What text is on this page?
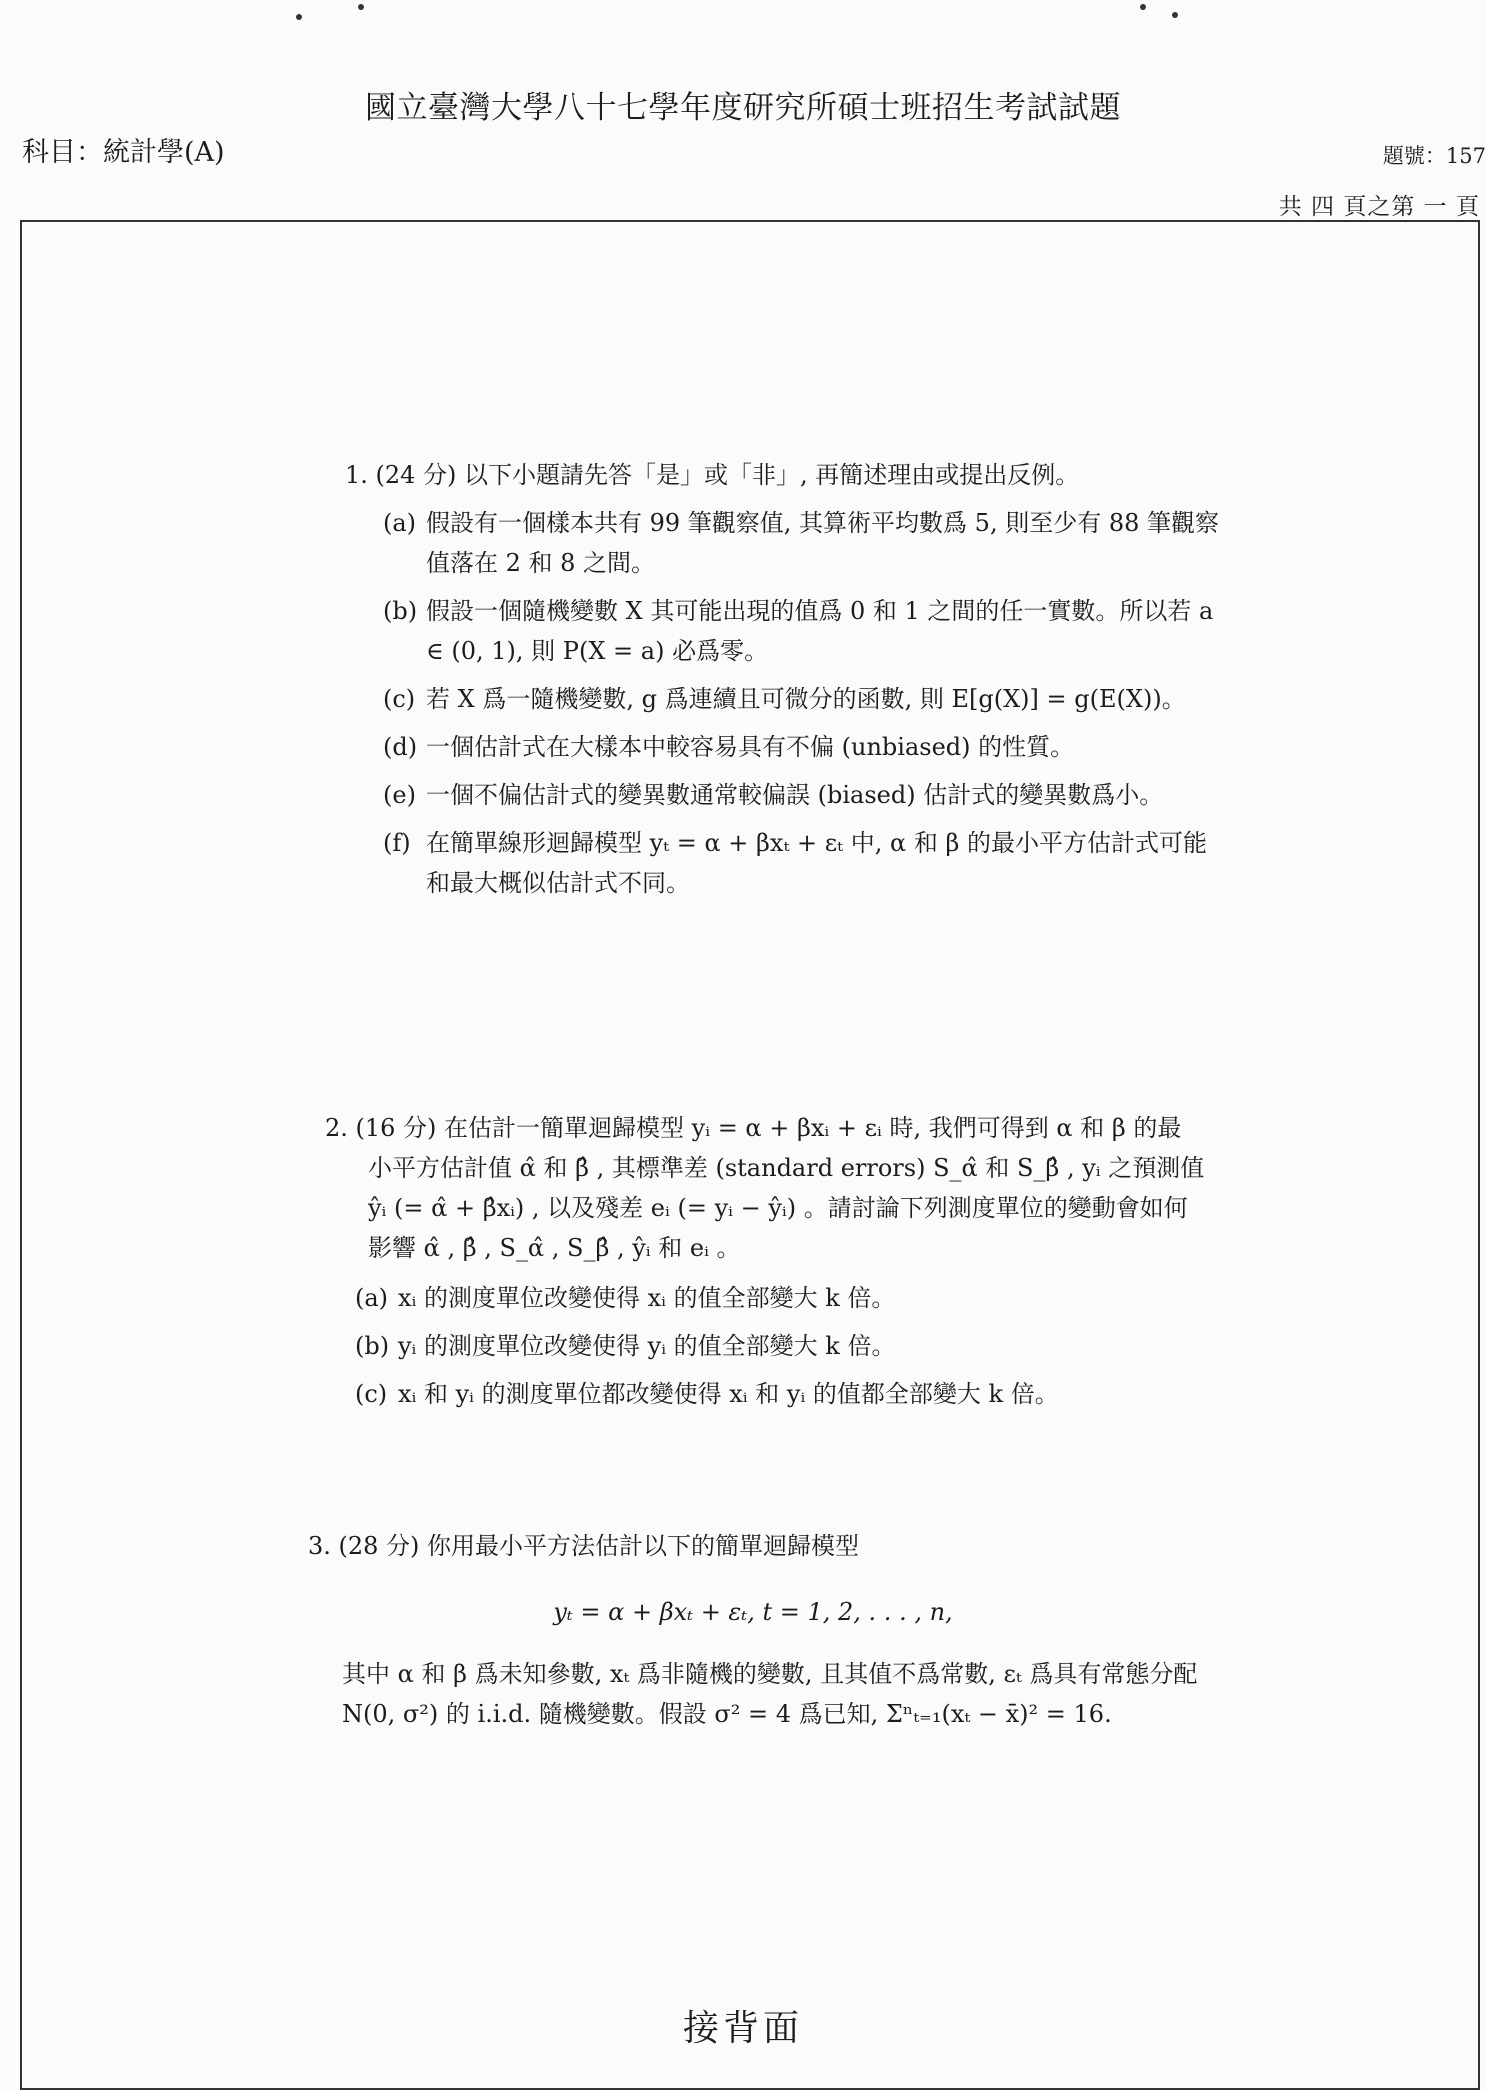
國立臺灣大學八十七學年度研究所碩士班招生考試試題
科目：統計學(A)	題號：157
共 四 頁之第 一 頁
1. (24 分) 以下小題請先答「是」或「非」, 再簡述理由或提出反例。
(a) 假設有一個樣本共有 99 筆觀察值, 其算術平均數爲 5, 則至少有 88 筆觀察值落在 2 和 8 之間。
(b) 假設一個隨機變數 X 其可能出現的值爲 0 和 1 之間的任一實數。所以若 a ∈ (0, 1), 則 P(X = a) 必爲零。
(c) 若 X 爲一隨機變數, g 爲連續且可微分的函數, 則 E[g(X)] = g(E(X))。
(d) 一個估計式在大樣本中較容易具有不偏 (unbiased) 的性質。
(e) 一個不偏估計式的變異數通常較偏誤 (biased) 估計式的變異數爲小。
(f) 在簡單線形迴歸模型 yₜ = α + βxₜ + εₜ 中, α 和 β 的最小平方估計式可能和最大概似估計式不同。
2. (16 分) 在估計一簡單迴歸模型 yᵢ = α + βxᵢ + εᵢ 時, 我們可得到 α 和 β 的最小平方估計值 α̂ 和 β̂ , 其標準差 (standard errors) S_α̂ 和 S_β̂ , yᵢ 之預測值 ŷᵢ (= α̂ + β̂xᵢ) , 以及殘差 eᵢ (= yᵢ − ŷᵢ) 。請討論下列測度單位的變動會如何影響 α̂ , β̂ , S_α̂ , S_β̂ , ŷᵢ 和 eᵢ 。
(a) xᵢ 的測度單位改變使得 xᵢ 的值全部變大 k 倍。
(b) yᵢ 的測度單位改變使得 yᵢ 的值全部變大 k 倍。
(c) xᵢ 和 yᵢ 的測度單位都改變使得 xᵢ 和 yᵢ 的值都全部變大 k 倍。
3. (28 分) 你用最小平方法估計以下的簡單迴歸模型
yₜ = α + βxₜ + εₜ, t = 1, 2, . . . , n,
其中 α 和 β 爲未知參數, xₜ 爲非隨機的變數, 且其值不爲常數, εₜ 爲具有常態分配 N(0, σ²) 的 i.i.d. 隨機變數。假設 σ² = 4 爲已知, Σⁿₜ₌₁(xₜ − x̄)² = 16.
接背面
